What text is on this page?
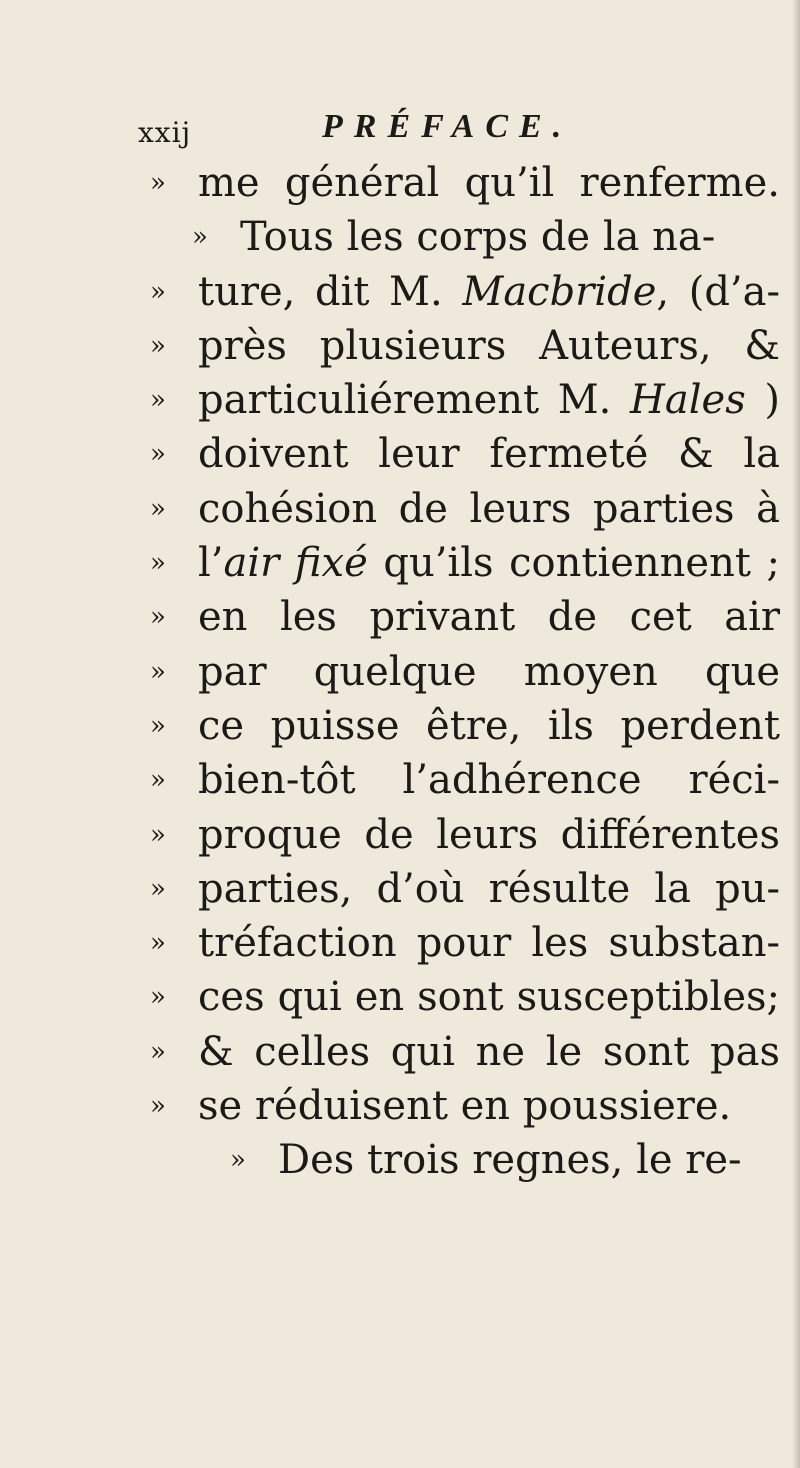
xxij	PRÉFACE.
» me général qu’il renferme.
» Tous les corps de la na-
» ture, dit M. Macbride, (d’a-
» près plusieurs Auteurs, &
» particuliérement M. Hales )
» doivent leur fermeté & la
» cohésion de leurs parties à
» l’air fixé qu’ils contiennent ;
» en les privant de cet air
» par quelque moyen que
» ce puisse être, ils perdent
» bien-tôt l’adhérence réci-
» proque de leurs différentes
» parties, d’où résulte la pu-
» tréfaction pour les substan-
» ces qui en sont susceptibles;
» & celles qui ne le sont pas
» se réduisent en poussiere.
» Des trois regnes, le re-
